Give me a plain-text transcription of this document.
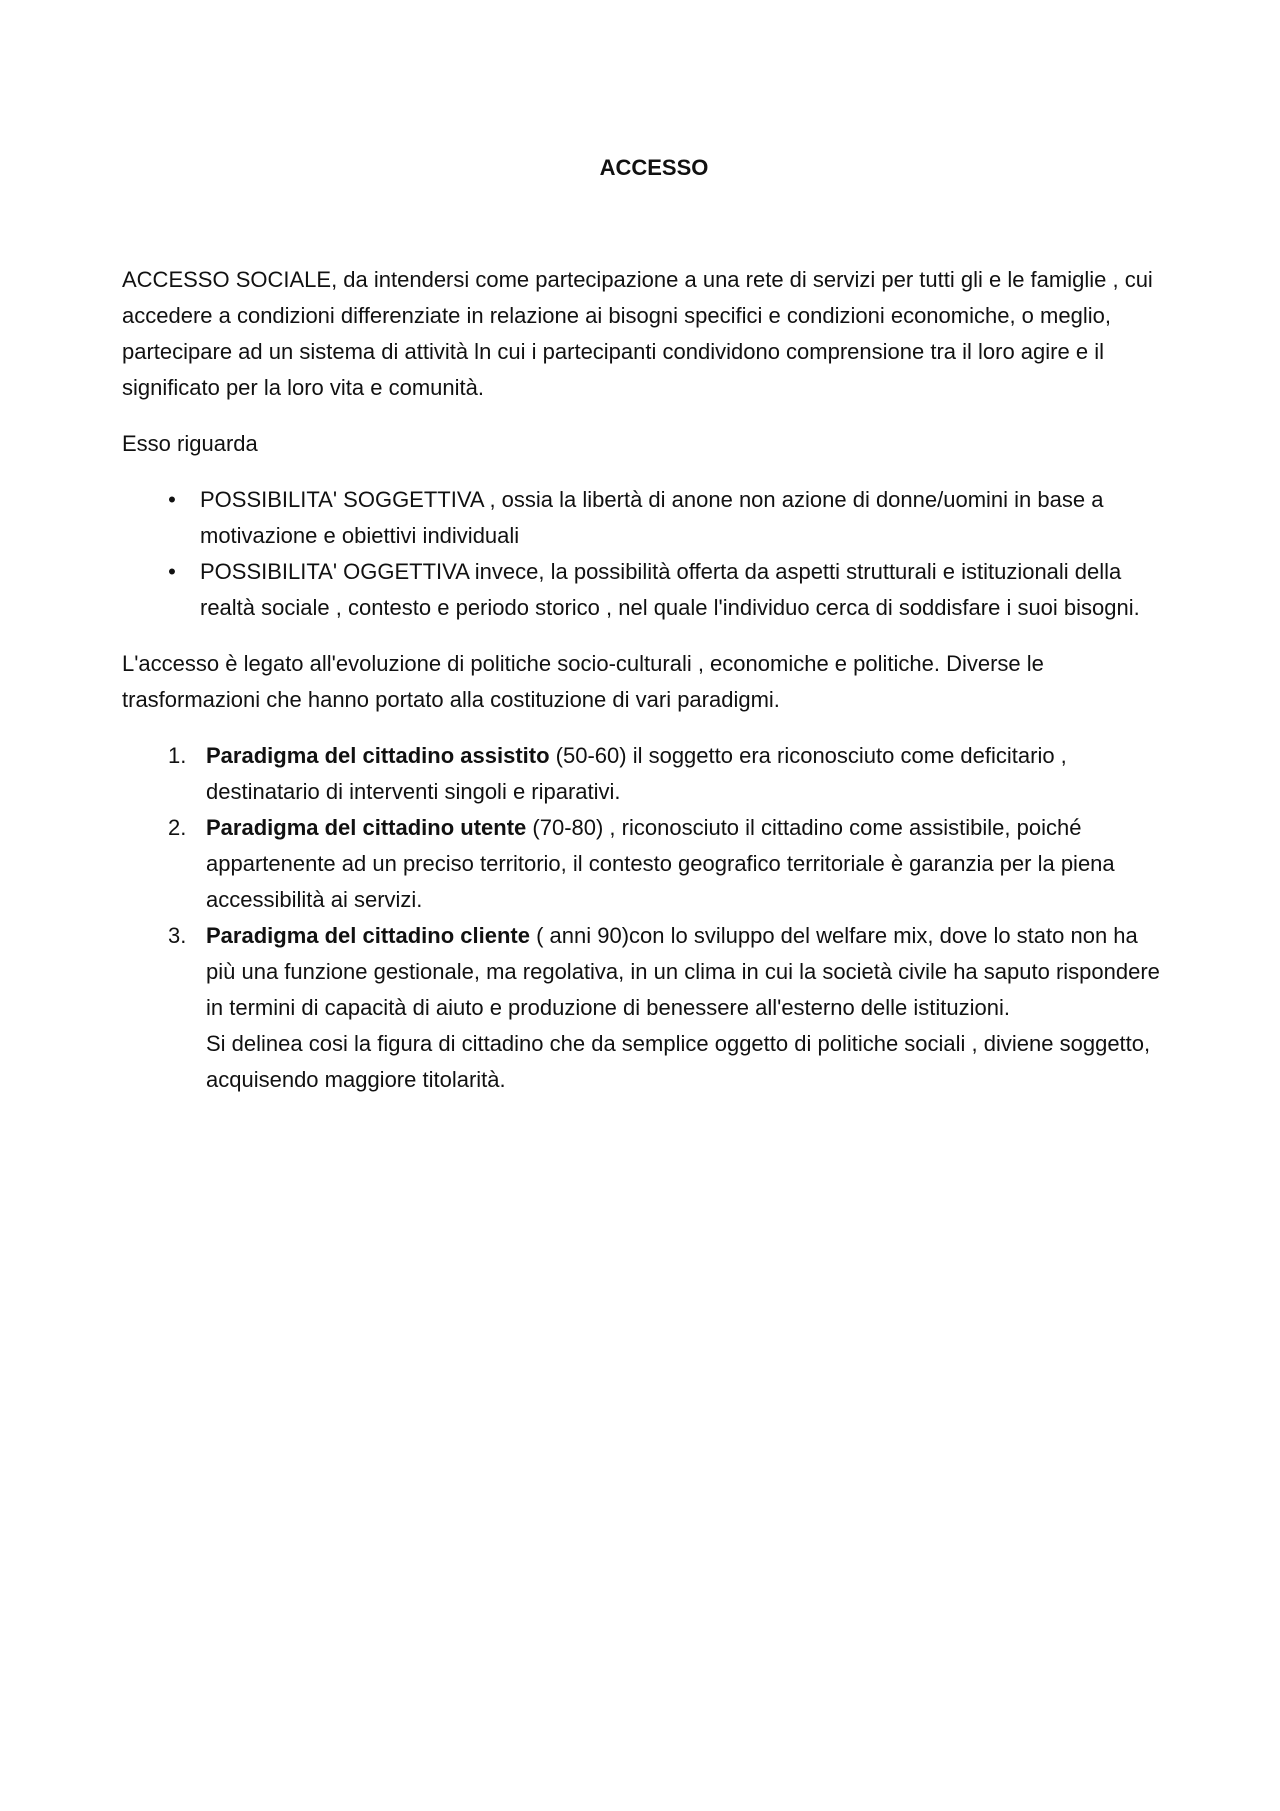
ACCESSO

ACCESSO SOCIALE, da intendersi come partecipazione a una rete di servizi per tutti gli e le famiglie , cui accedere a condizioni differenziate in relazione ai bisogni specifici e condizioni economiche, o meglio, partecipare ad un sistema di attività ln cui i partecipanti condividono comprensione tra il loro agire e il significato per la loro vita e comunità.

Esso riguarda

• POSSIBILITA' SOGGETTIVA , ossia la libertà di anone non azione di donne/uomini in base a motivazione e obiettivi individuali
• POSSIBILITA' OGGETTIVA invece, la possibilità offerta da aspetti strutturali e istituzionali della realtà sociale , contesto e periodo storico , nel quale l'individuo cerca di soddisfare i suoi bisogni.

L'accesso è legato all'evoluzione di politiche socio-culturali , economiche e politiche. Diverse le trasformazioni che hanno portato alla costituzione di vari paradigmi.

1. Paradigma del cittadino assistito (50-60) il soggetto era riconosciuto come deficitario , destinatario di interventi singoli e riparativi.
2. Paradigma del cittadino utente (70-80) , riconosciuto il cittadino come assistibile, poiché appartenente ad un preciso territorio, il contesto geografico territoriale è garanzia per la piena accessibilità ai servizi.
3. Paradigma del cittadino cliente ( anni 90)con lo sviluppo del welfare mix, dove lo stato non ha più una funzione gestionale, ma regolativa, in un clima in cui la società civile ha saputo rispondere in termini di capacità di aiuto e produzione di benessere all'esterno delle istituzioni.
Si delinea cosi la figura di cittadino che da semplice oggetto di politiche sociali , diviene soggetto, acquisendo maggiore titolarità.
